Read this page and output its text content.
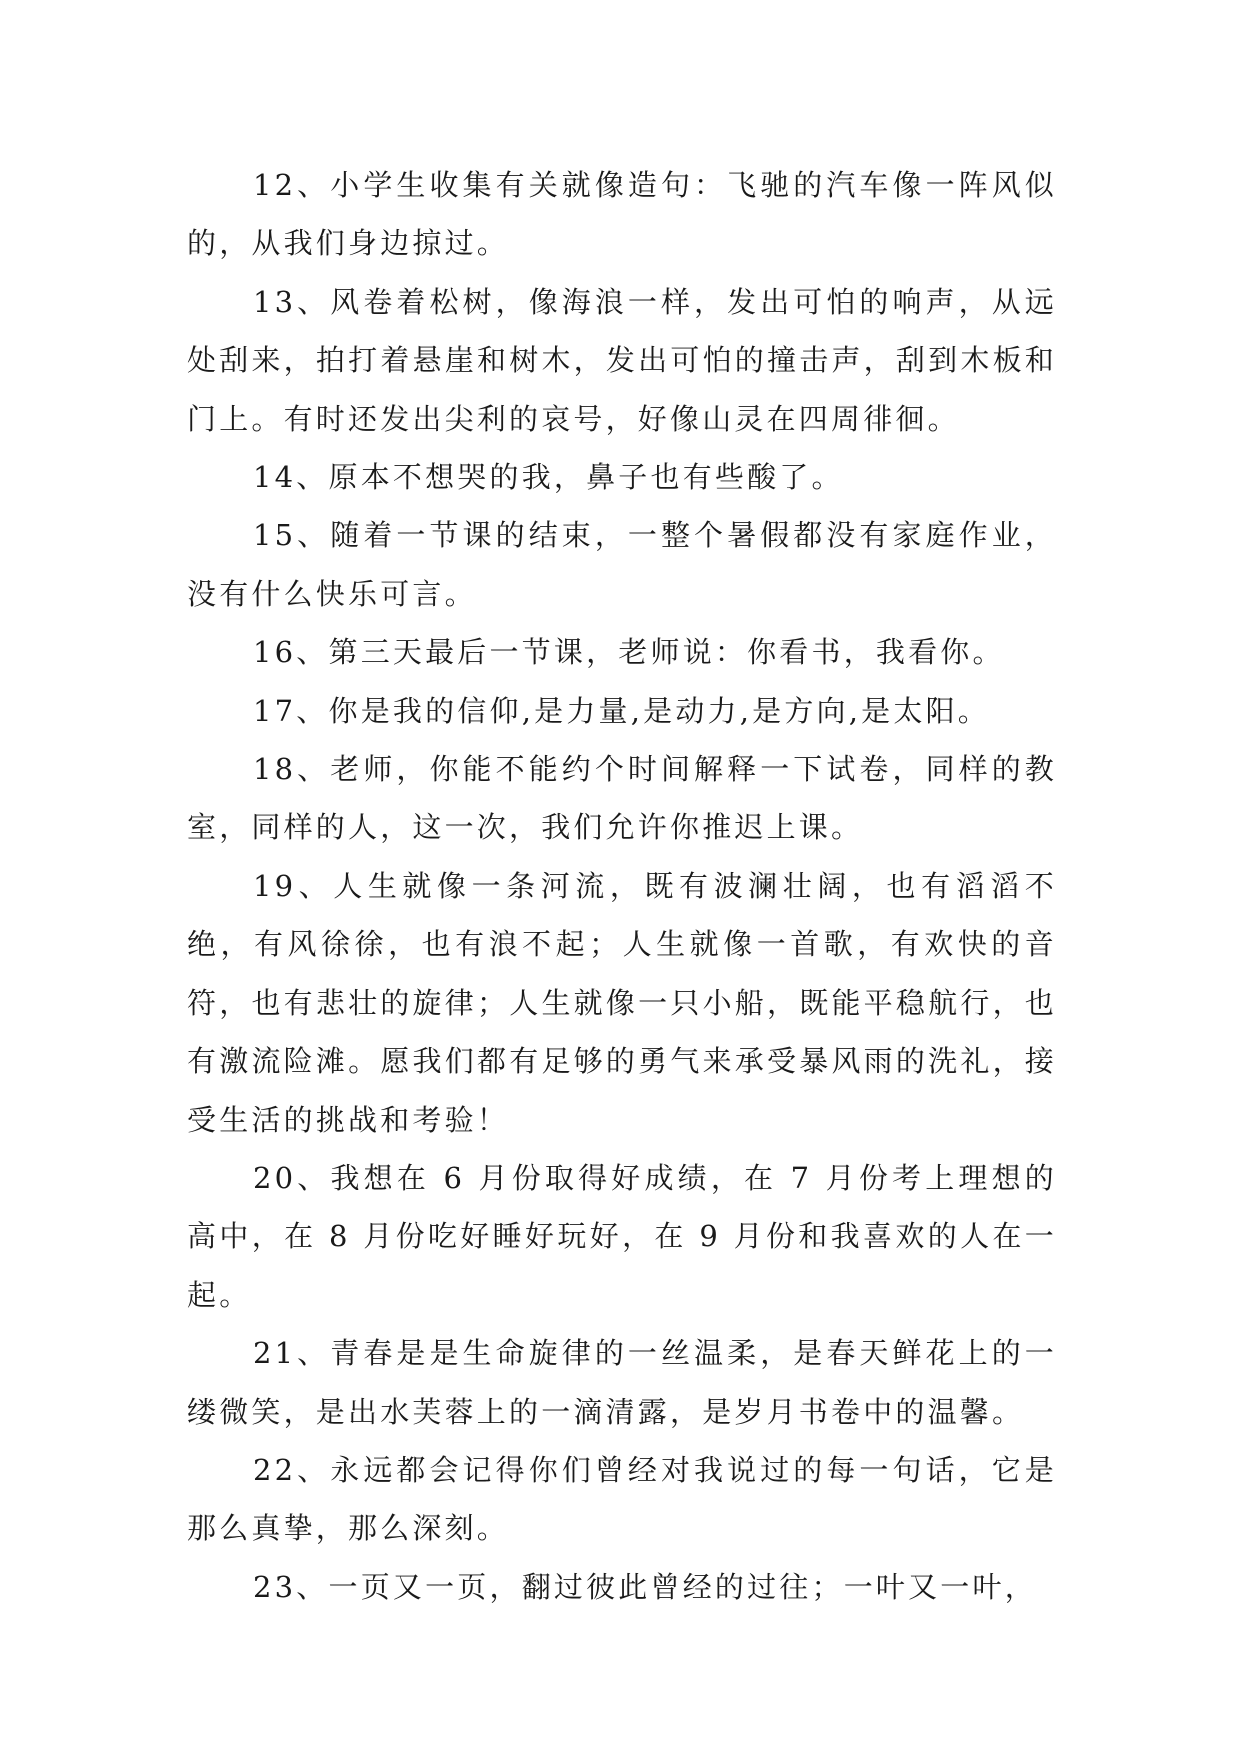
12、小学生收集有关就像造句：飞驰的汽车像一阵风似的，从我们身边掠过。

13、风卷着松树，像海浪一样，发出可怕的响声，从远处刮来，拍打着悬崖和树木，发出可怕的撞击声，刮到木板和门上。有时还发出尖利的哀号，好像山灵在四周徘徊。

14、原本不想哭的我，鼻子也有些酸了。

15、随着一节课的结束，一整个暑假都没有家庭作业，没有什么快乐可言。

16、第三天最后一节课，老师说：你看书，我看你。

17、你是我的信仰,是力量,是动力,是方向,是太阳。

18、老师，你能不能约个时间解释一下试卷，同样的教室，同样的人，这一次，我们允许你推迟上课。

19、人生就像一条河流，既有波澜壮阔，也有滔滔不绝，有风徐徐，也有浪不起；人生就像一首歌，有欢快的音符，也有悲壮的旋律；人生就像一只小船，既能平稳航行，也有激流险滩。愿我们都有足够的勇气来承受暴风雨的洗礼，接受生活的挑战和考验！

20、我想在 6 月份取得好成绩，在 7 月份考上理想的高中，在 8 月份吃好睡好玩好，在 9 月份和我喜欢的人在一起。

21、青春是是生命旋律的一丝温柔，是春天鲜花上的一缕微笑，是出水芙蓉上的一滴清露，是岁月书卷中的温馨。

22、永远都会记得你们曾经对我说过的每一句话，它是那么真挚，那么深刻。

23、一页又一页，翻过彼此曾经的过往；一叶又一叶，
